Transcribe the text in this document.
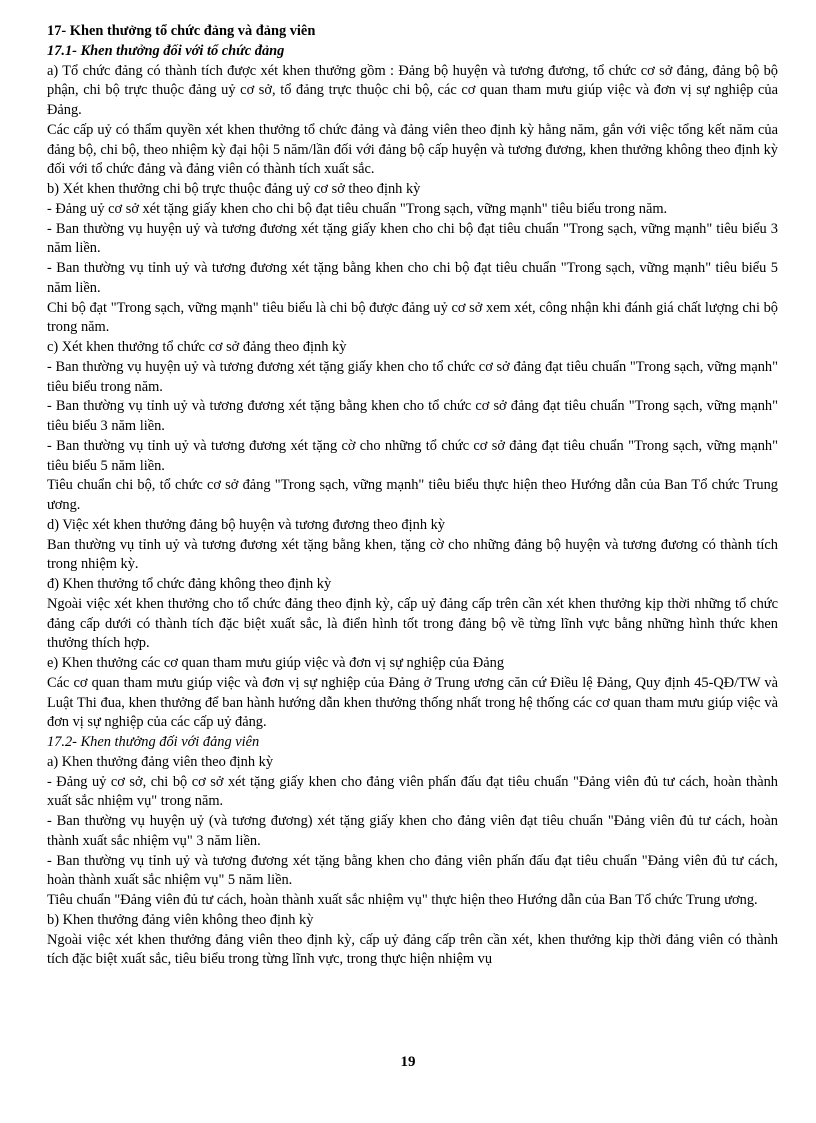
17- Khen thưởng tổ chức đảng và đảng viên

17.1- Khen thưởng đối với tổ chức đảng

a) Tổ chức đảng có thành tích được xét khen thưởng gồm : Đảng bộ huyện và tương đương, tổ chức cơ sở đảng, đảng bộ bộ phận, chi bộ trực thuộc đảng uỷ cơ sở, tổ đảng trực thuộc chi bộ, các cơ quan tham mưu giúp việc và đơn vị sự nghiệp của Đảng.

Các cấp uỷ có thẩm quyền xét khen thưởng tổ chức đảng và đảng viên theo định kỳ hằng năm, gắn với việc tổng kết năm của đảng bộ, chi bộ, theo nhiệm kỳ đại hội 5 năm/lần đối với đảng bộ cấp huyện và tương đương, khen thưởng không theo định kỳ đối với tổ chức đảng và đảng viên có thành tích xuất sắc.

b) Xét khen thưởng chi bộ trực thuộc đảng uỷ cơ sở theo định kỳ

- Đảng uỷ cơ sở xét tặng giấy khen cho chi bộ đạt tiêu chuẩn "Trong sạch, vững mạnh" tiêu biểu trong năm.

- Ban thường vụ huyện uỷ và tương đương xét tặng giấy khen cho chi bộ đạt tiêu chuẩn "Trong sạch, vững mạnh" tiêu biểu 3 năm liền.

- Ban thường vụ tỉnh uỷ và tương đương xét tặng bằng khen cho chi bộ đạt tiêu chuẩn "Trong sạch, vững mạnh" tiêu biểu 5 năm liền.

Chi bộ đạt "Trong sạch, vững mạnh" tiêu biểu là chi bộ được đảng uỷ cơ sở xem xét, công nhận khi đánh giá chất lượng chi bộ trong năm.

c) Xét khen thưởng tổ chức cơ sở đảng theo định kỳ

- Ban thường vụ huyện uỷ và tương đương xét tặng giấy khen cho tổ chức cơ sở đảng đạt tiêu chuẩn "Trong sạch, vững mạnh" tiêu biểu trong năm.

- Ban thường vụ tỉnh uỷ và tương đương xét tặng bằng khen cho tổ chức cơ sở đảng đạt tiêu chuẩn "Trong sạch, vững mạnh" tiêu biểu 3 năm liền.

- Ban thường vụ tỉnh uỷ và tương đương xét tặng cờ cho những tổ chức cơ sở đảng đạt tiêu chuẩn "Trong sạch, vững mạnh" tiêu biểu 5 năm liền.

Tiêu chuẩn chi bộ, tổ chức cơ sở đảng "Trong sạch, vững mạnh" tiêu biểu thực hiện theo Hướng dẫn của Ban Tổ chức Trung ương.

d) Việc xét khen thưởng đảng bộ huyện và tương đương theo định kỳ

Ban thường vụ tỉnh uỷ và tương đương xét tặng bằng khen, tặng cờ cho những đảng bộ huyện và tương đương có thành tích trong nhiệm kỳ.

đ) Khen thưởng tổ chức đảng không theo định kỳ

Ngoài việc xét khen thưởng cho tổ chức đảng theo định kỳ, cấp uỷ đảng cấp trên cần xét khen thưởng kịp thời những tổ chức đảng cấp dưới có thành tích đặc biệt xuất sắc, là điển hình tốt trong đảng bộ về từng lĩnh vực bằng những hình thức khen thưởng thích hợp.

e) Khen thưởng các cơ quan tham mưu giúp việc và đơn vị sự nghiệp của Đảng

Các cơ quan tham mưu giúp việc và đơn vị sự nghiệp của Đảng ở Trung ương căn cứ Điều lệ Đảng, Quy định 45-QĐ/TW và Luật Thi đua, khen thưởng để ban hành hướng dẫn khen thưởng thống nhất trong hệ thống các cơ quan tham mưu giúp việc và đơn vị sự nghiệp của các cấp uỷ đảng.

17.2- Khen thưởng đối với đảng viên

a) Khen thưởng đảng viên theo định kỳ

- Đảng uỷ cơ sở, chi bộ cơ sở xét tặng giấy khen cho đảng viên phấn đấu đạt tiêu chuẩn "Đảng viên đủ tư cách, hoàn thành xuất sắc nhiệm vụ" trong năm.

- Ban thường vụ huyện uỷ (và tương đương) xét tặng giấy khen cho đảng viên đạt tiêu chuẩn "Đảng viên đủ tư cách, hoàn thành xuất sắc nhiệm vụ" 3 năm liền.

- Ban thường vụ tỉnh uỷ và tương đương xét tặng bằng khen cho đảng viên phấn đấu đạt tiêu chuẩn "Đảng viên đủ tư cách, hoàn thành xuất sắc nhiệm vụ" 5 năm liền.

Tiêu chuẩn "Đảng viên đủ tư cách, hoàn thành xuất sắc nhiệm vụ" thực hiện theo Hướng dẫn của Ban Tổ chức Trung ương.

b) Khen thưởng đảng viên không theo định kỳ

Ngoài việc xét khen thưởng đảng viên theo định kỳ, cấp uỷ đảng cấp trên cần xét, khen thưởng kịp thời đảng viên có thành tích đặc biệt xuất sắc, tiêu biểu trong từng lĩnh vực, trong thực hiện nhiệm vụ

19
